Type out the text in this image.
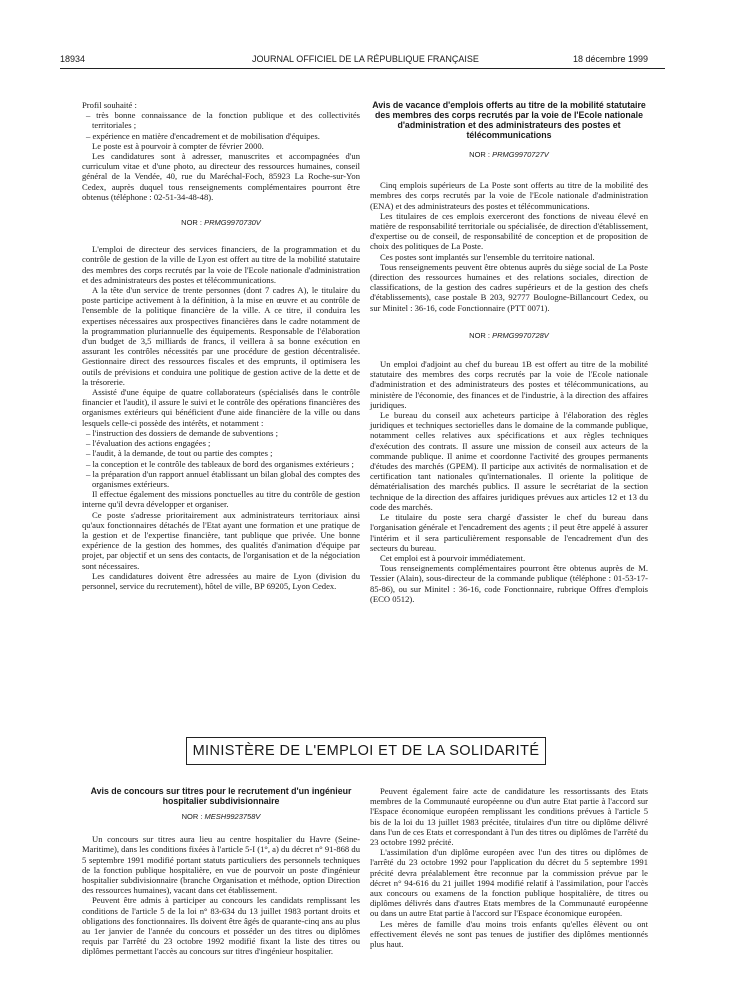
18934	JOURNAL OFFICIEL DE LA RÉPUBLIQUE FRANÇAISE	18 décembre 1999

Profil souhaité :

– très bonne connaissance de la fonction publique et des collectivités territoriales ;

– expérience en matière d'encadrement et de mobilisation d'équipes.

Le poste est à pourvoir à compter de février 2000.

Les candidatures sont à adresser, manuscrites et accompagnées d'un curriculum vitae et d'une photo, au directeur des ressources humaines, conseil général de la Vendée, 40, rue du Maréchal-Foch, 85923 La Roche-sur-Yon Cedex, auprès duquel tous renseignements complémentaires pourront être obtenus (téléphone : 02-51-34-48-48).

NOR : PRMG9970730V

L'emploi de directeur des services financiers, de la programmation et du contrôle de gestion de la ville de Lyon est offert au titre de la mobilité statutaire des membres des corps recrutés par la voie de l'Ecole nationale d'administration et des administrateurs des postes et télécommunications.

A la tête d'un service de trente personnes (dont 7 cadres A), le titulaire du poste participe activement à la définition, à la mise en œuvre et au contrôle de l'ensemble de la politique financière de la ville. A ce titre, il conduira les expertises nécessaires aux prospectives financières dans le cadre notamment de la programmation pluriannuelle des équipements. Responsable de l'élaboration d'un budget de 3,5 milliards de francs, il veillera à sa bonne exécution en assurant les contrôles nécessités par une procédure de gestion décentralisée. Gestionnaire direct des ressources fiscales et des emprunts, il optimisera les outils de prévisions et conduira une politique de gestion active de la dette et de la trésorerie.

Assisté d'une équipe de quatre collaborateurs (spécialisés dans le contrôle financier et l'audit), il assure le suivi et le contrôle des opérations financières des organismes extérieurs qui bénéficient d'une aide financière de la ville ou dans lesquels celle-ci possède des intérêts, et notamment :

– l'instruction des dossiers de demande de subventions ;

– l'évaluation des actions engagées ;

– l'audit, à la demande, de tout ou partie des comptes ;

– la conception et le contrôle des tableaux de bord des organismes extérieurs ;

– la préparation d'un rapport annuel établissant un bilan global des comptes des organismes extérieurs.

Il effectue également des missions ponctuelles au titre du contrôle de gestion interne qu'il devra développer et organiser.

Ce poste s'adresse prioritairement aux administrateurs territoriaux ainsi qu'aux fonctionnaires détachés de l'Etat ayant une formation et une pratique de la gestion et de l'expertise financière, tant publique que privée. Une bonne expérience de la gestion des hommes, des qualités d'animation d'équipe par projet, par objectif et un sens des contacts, de l'organisation et de la négociation sont nécessaires.

Les candidatures doivent être adressées au maire de Lyon (division du personnel, service du recrutement), hôtel de ville, BP 69205, Lyon Cedex.

Avis de vacance d'emplois offerts au titre de la mobilité statutaire des membres des corps recrutés par la voie de l'Ecole nationale d'administration et des administrateurs des postes et télécommunications
NOR : PRMG9970727V

Cinq emplois supérieurs de La Poste sont offerts au titre de la mobilité des membres des corps recrutés par la voie de l'Ecole nationale d'administration (ENA) et des administrateurs des postes et télécommunications.

Les titulaires de ces emplois exerceront des fonctions de niveau élevé en matière de responsabilité territoriale ou spécialisée, de direction d'établissement, d'expertise ou de conseil, de responsabilité de conception et de proposition de choix des politiques de La Poste.

Ces postes sont implantés sur l'ensemble du territoire national.

Tous renseignements peuvent être obtenus auprès du siège social de La Poste (direction des ressources humaines et des relations sociales, direction de classifications, de la gestion des cadres supérieurs et de la gestion des chefs d'établissements), case postale B 203, 92777 Boulogne-Billancourt Cedex, ou sur Minitel : 36-16, code Fonctionnaire (PTT 0071).

NOR : PRMG9970728V

Un emploi d'adjoint au chef du bureau 1B est offert au titre de la mobilité statutaire des membres des corps recrutés par la voie de l'Ecole nationale d'administration et des administrateurs des postes et télécommunications, au ministère de l'économie, des finances et de l'industrie, à la direction des affaires juridiques.

Le bureau du conseil aux acheteurs participe à l'élaboration des règles juridiques et techniques sectorielles dans le domaine de la commande publique, notamment celles relatives aux spécifications et aux règles techniques d'exécution des contrats. Il assure une mission de conseil aux acteurs de la commande publique. Il anime et coordonne l'activité des groupes permanents d'études des marchés (GPEM). Il participe aux activités de normalisation et de certification tant nationales qu'internationales. Il oriente la politique de dématérialisation des marchés publics. Il assure le secrétariat de la section technique de la direction des affaires juridiques prévues aux articles 12 et 13 du code des marchés.

Le titulaire du poste sera chargé d'assister le chef du bureau dans l'organisation générale et l'encadrement des agents ; il peut être appelé à assurer l'intérim et il sera particulièrement responsable de l'encadrement d'un des secteurs du bureau.

Cet emploi est à pourvoir immédiatement.

Tous renseignements complémentaires pourront être obtenus auprès de M. Tessier (Alain), sous-directeur de la commande publique (téléphone : 01-53-17-85-86), ou sur Minitel : 36-16, code Fonctionnaire, rubrique Offres d'emplois (ECO 0512).

MINISTÈRE DE L'EMPLOI ET DE LA SOLIDARITÉ
Avis de concours sur titres pour le recrutement d'un ingénieur hospitalier subdivisionnaire
NOR : MESH9923758V

Un concours sur titres aura lieu au centre hospitalier du Havre (Seine-Maritime), dans les conditions fixées à l'article 5-I (1°, a) du décret n° 91-868 du 5 septembre 1991 modifié portant statuts particuliers des personnels techniques de la fonction publique hospitalière, en vue de pourvoir un poste d'ingénieur hospitalier subdivisionnaire (branche Organisation et méthode, option Direction des ressources humaines), vacant dans cet établissement.

Peuvent être admis à participer au concours les candidats remplissant les conditions de l'article 5 de la loi n° 83-634 du 13 juillet 1983 portant droits et obligations des fonctionnaires. Ils doivent être âgés de quarante-cinq ans au plus au 1er janvier de l'année du concours et posséder un des titres ou diplômes requis par l'arrêté du 23 octobre 1992 modifié fixant la liste des titres ou diplômes permettant l'accès au concours sur titres d'ingénieur hospitalier.

Peuvent également faire acte de candidature les ressortissants des Etats membres de la Communauté européenne ou d'un autre Etat partie à l'accord sur l'Espace économique européen remplissant les conditions prévues à l'article 5 bis de la loi du 13 juillet 1983 précitée, titulaires d'un titre ou diplôme délivré dans l'un de ces Etats et correspondant à l'un des titres ou diplômes de l'arrêté du 23 octobre 1992 précité.

L'assimilation d'un diplôme européen avec l'un des titres ou diplômes de l'arrêté du 23 octobre 1992 pour l'application du décret du 5 septembre 1991 précité devra préalablement être reconnue par la commission prévue par le décret n° 94-616 du 21 juillet 1994 modifié relatif à l'assimilation, pour l'accès aux concours ou examens de la fonction publique hospitalière, de titres ou diplômes délivrés dans d'autres Etats membres de la Communauté européenne ou dans un autre Etat partie à l'accord sur l'Espace économique européen.

Les mères de famille d'au moins trois enfants qu'elles élèvent ou ont effectivement élevés ne sont pas tenues de justifier des diplômes mentionnés plus haut.
